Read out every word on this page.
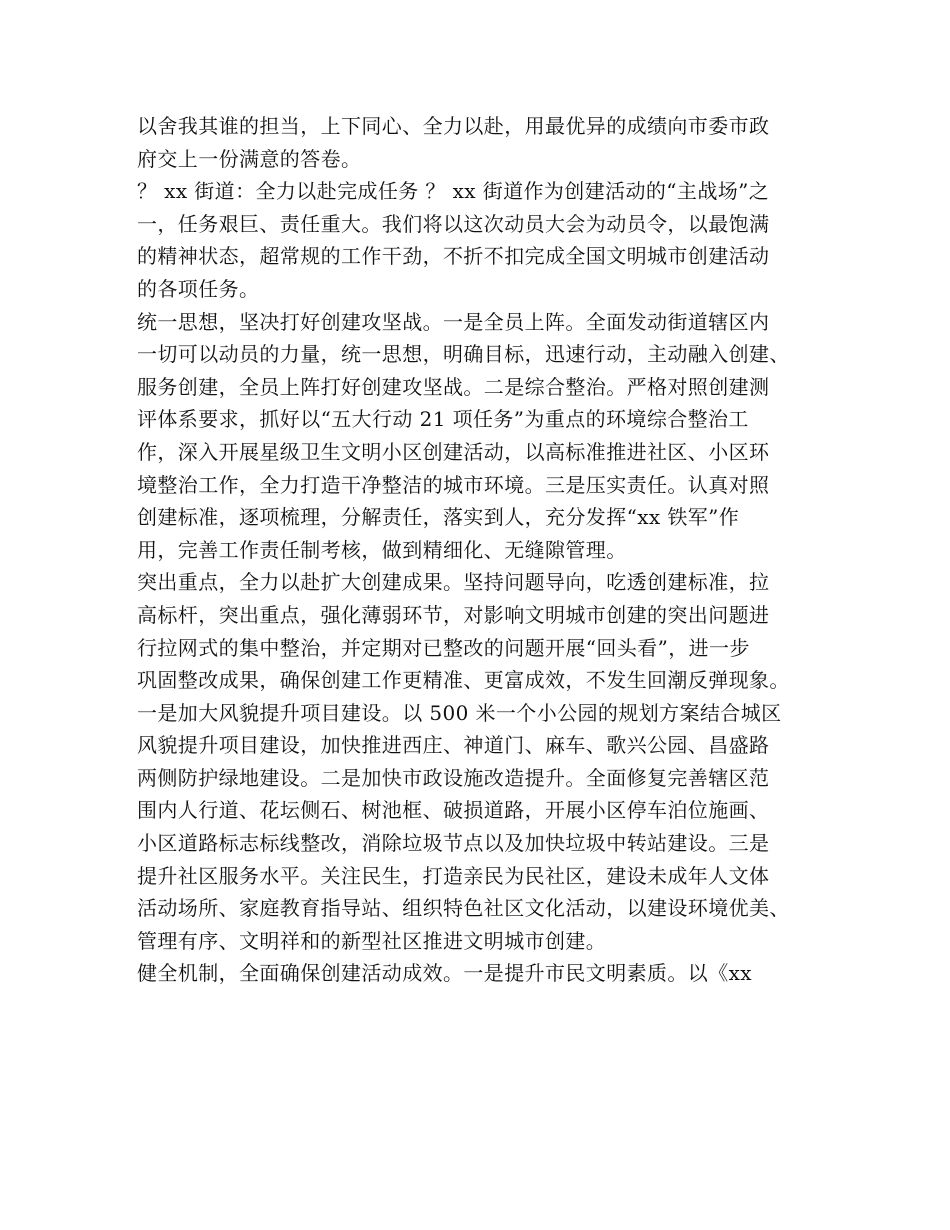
以舍我其谁的担当，上下同心、全力以赴，用最优异的成绩向市委市政
府交上一份满意的答卷。
？ xx 街道：全力以赴完成任务 ？ xx 街道作为创建活动的“主战场”之
一，任务艰巨、责任重大。我们将以这次动员大会为动员令，以最饱满
的精神状态，超常规的工作干劲，不折不扣完成全国文明城市创建活动
的各项任务。
统一思想，坚决打好创建攻坚战。一是全员上阵。全面发动街道辖区内
一切可以动员的力量，统一思想，明确目标，迅速行动，主动融入创建、
服务创建，全员上阵打好创建攻坚战。二是综合整治。严格对照创建测
评体系要求，抓好以“五大行动 21 项任务”为重点的环境综合整治工
作，深入开展星级卫生文明小区创建活动，以高标准推进社区、小区环
境整治工作，全力打造干净整洁的城市环境。三是压实责任。认真对照
创建标准，逐项梳理，分解责任，落实到人，充分发挥“xx 铁军”作
用，完善工作责任制考核，做到精细化、无缝隙管理。
突出重点，全力以赴扩大创建成果。坚持问题导向，吃透创建标准，拉
高标杆，突出重点，强化薄弱环节，对影响文明城市创建的突出问题进
行拉网式的集中整治，并定期对已整改的问题开展“回头看”，进一步
巩固整改成果，确保创建工作更精准、更富成效，不发生回潮反弹现象。
一是加大风貌提升项目建设。以 500 米一个小公园的规划方案结合城区
风貌提升项目建设，加快推进西庄、神道门、麻车、歌兴公园、昌盛路
两侧防护绿地建设。二是加快市政设施改造提升。全面修复完善辖区范
围内人行道、花坛侧石、树池框、破损道路，开展小区停车泊位施画、
小区道路标志标线整改，消除垃圾节点以及加快垃圾中转站建设。三是
提升社区服务水平。关注民生，打造亲民为民社区，建设未成年人文体
活动场所、家庭教育指导站、组织特色社区文化活动，以建设环境优美、
管理有序、文明祥和的新型社区推进文明城市创建。
健全机制，全面确保创建活动成效。一是提升市民文明素质。以《xx
